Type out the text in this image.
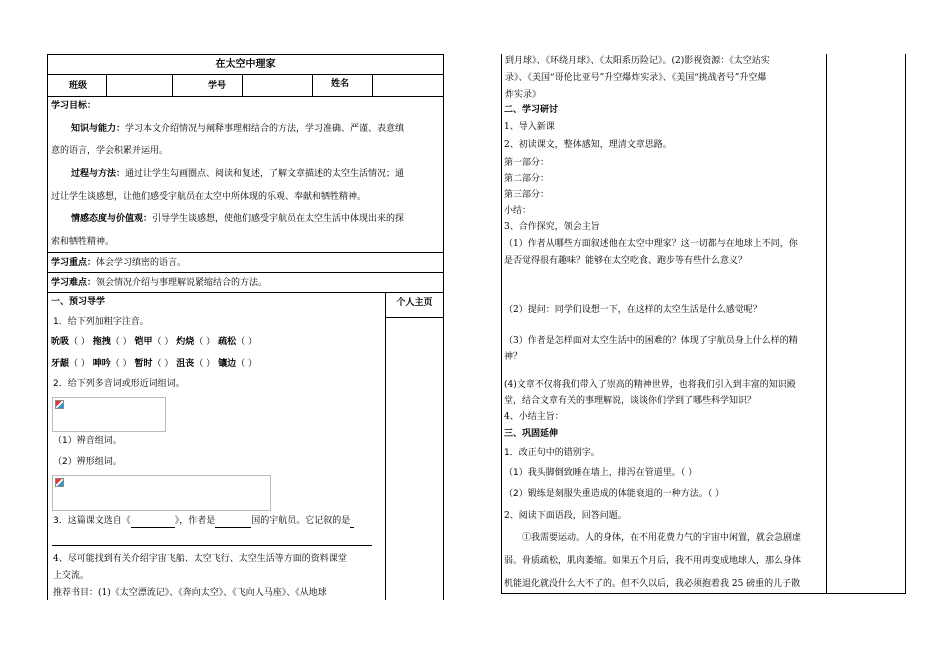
在太空中理家
班级	学号	姓名
学习目标：
知识与能力：学习本文介绍情况与阐释事理相结合的方法，学习准确、严谨、表意缜
意的语言，学会积累并运用。
过程与方法：通过让学生勾画圈点、阅读和复述，了解文章描述的太空生活情况；通
过让学生谈感想，让他们感受宇航员在太空中所体现的乐观、奉献和牺牲精神。
情感态度与价值观：引导学生谈感想，使他们感受宇航员在太空生活中体现出来的探
索和牺牲精神。
学习重点：体会学习缜密的语言。
学习难点：领会情况介绍与事理解说紧缩结合的方法。
个人主页
一、预习导学
1．给下列加粗字注音。
吮吸（ ） 拖拽（ ） 铠甲（ ） 灼烧（ ） 疏松（ ）
牙龈（ ） 呻吟（ ） 暂时（ ） 沮丧（ ） 镶边（ ）
2．给下列多音词或形近词组词。
（1）辨音组词。
（2）辨形组词。
3．这篇课文选自《	》，作者是	国的宇航员。它记叙的是
4、尽可能找到有关介绍宇宙飞船、太空飞行、太空生活等方面的资料课堂
上交流。
推荐书目：(1)《太空漂流记》、《奔向太空》、《飞向人马座》、《从地球
到月球》、《环绕月球》、《太阳系历险记》。(2)影视资源：《太空站实
录》、《美国“哥伦比亚号”升空爆炸实录》、《美国“挑战者号”升空爆
炸实录》
二、学习研讨
1、导入新课
2、初读课文，整体感知，理清文章思路。
第一部分：
第二部分：
第三部分：
小结：
3、合作探究，领会主旨
（1）作者从哪些方面叙述他在太空中理家？这一切都与在地球上不同，你
是否觉得很有趣味？能够在太空吃食、跑步等有些什么意义？
（2）提问：同学们设想一下，在这样的太空生活是什么感觉呢？
（3）作者是怎样面对太空生活中的困难的？体现了宇航员身上什么样的精
神？
(4)文章不仅将我们带入了崇高的精神世界，也将我们引入到丰富的知识殿
堂，结合文章有关的事理解说，谈谈你们学到了哪些科学知识？
4、小结主旨：
三、巩固延伸
1．改正句中的错别字。
（1）我头脚倒致睡在墙上，排泻在管道里。（ ）
（2）锻练是刻服失重造成的体能衰退的一种方法。（ ）
2、阅读下面语段，回答问题。
①我需要运动。人的身体，在不用花费力气的宇宙中闲置，就会急剧虚
弱。骨质疏松，肌肉萎缩。如果五个月后，我不用再变成地球人，那么身体
机能退化就没什么大不了的。但不久以后，我必须抱着我 25 磅重的儿子散
